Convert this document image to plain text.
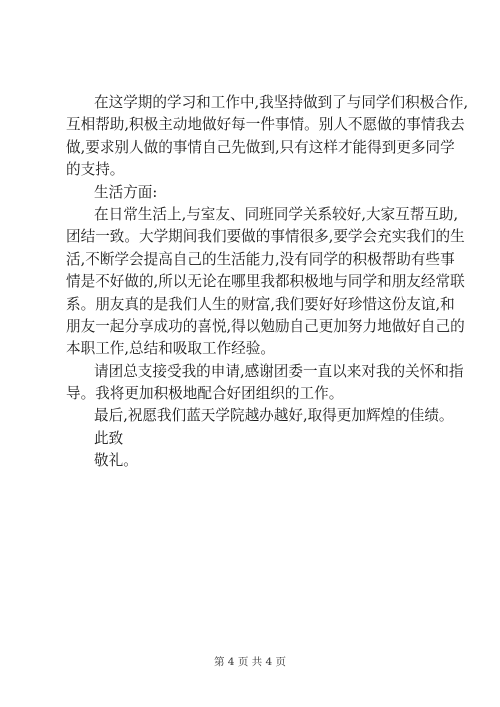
在这学期的学习和工作中,我坚持做到了与同学们积极合作,
互相帮助,积极主动地做好每一件事情。别人不愿做的事情我去
做,要求别人做的事情自己先做到,只有这样才能得到更多同学
的支持。
生活方面:
在日常生活上,与室友、同班同学关系较好,大家互帮互助,
团结一致。大学期间我们要做的事情很多,要学会充实我们的生
活,不断学会提高自己的生活能力,没有同学的积极帮助有些事
情是不好做的,所以无论在哪里我都积极地与同学和朋友经常联
系。朋友真的是我们人生的财富,我们要好好珍惜这份友谊,和
朋友一起分享成功的喜悦,得以勉励自己更加努力地做好自己的
本职工作,总结和吸取工作经验。
请团总支接受我的申请,感谢团委一直以来对我的关怀和指
导。我将更加积极地配合好团组织的工作。
最后,祝愿我们蓝天学院越办越好,取得更加辉煌的佳绩。
此致
敬礼。
第 4 页 共 4 页
